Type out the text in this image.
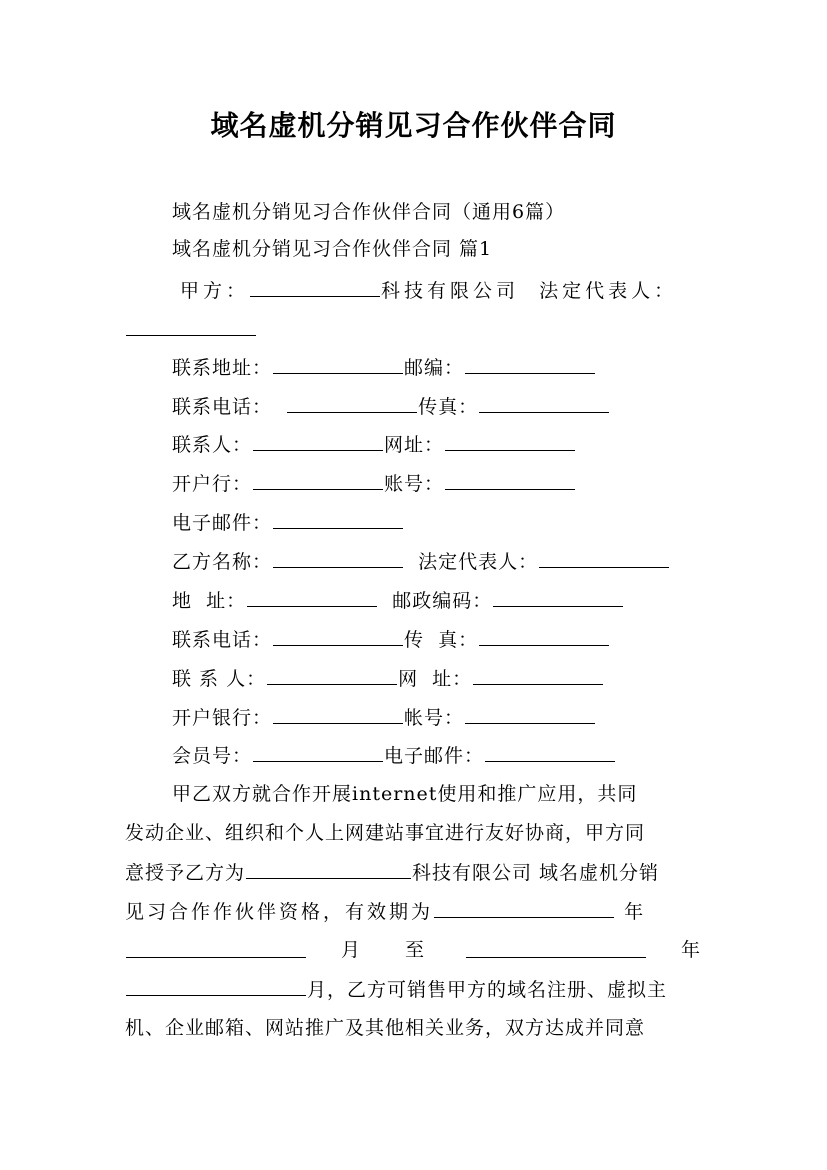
域名虚机分销见习合作伙伴合同
域名虚机分销见习合作伙伴合同（通用6篇）
域名虚机分销见习合作伙伴合同 篇1
甲方：	科技有限公司 法定代表人：
联系地址：	邮编：
联系电话：	传真：
联系人：	网址：
开户行：	账号：
电子邮件：
乙方名称：	法定代表人：
地  址：	邮政编码：
联系电话：	传  真：
联 系 人：	网  址：
开户银行：	帐号：
会员号：	电子邮件：
甲乙双方就合作开展internet使用和推广应用，共同
发动企业、组织和个人上网建站事宜进行友好协商，甲方同
意授予乙方为	科技有限公司 域名虚机分销
见习合作作伙伴资格，有效期为	年
月 至	年
月，乙方可销售甲方的域名注册、虚拟主
机、企业邮箱、网站推广及其他相关业务，双方达成并同意
